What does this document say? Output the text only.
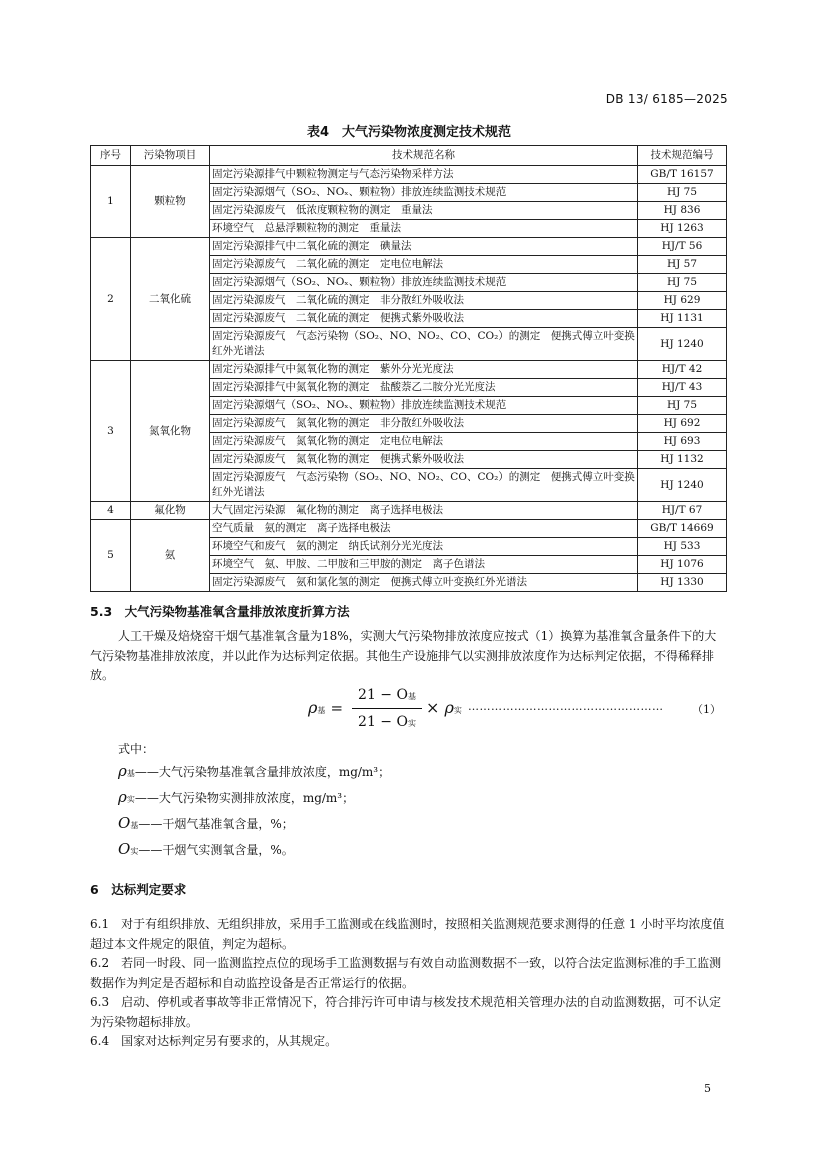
DB 13/ 6185—2025
表4　大气污染物浓度测定技术规范
序号	污染物项目	技术规范名称	技术规范编号
1	颗粒物	固定污染源排气中颗粒物测定与气态污染物采样方法	GB/T 16157
		固定污染源烟气（SO₂、NOₓ、颗粒物）排放连续监测技术规范	HJ 75
		固定污染源废气　低浓度颗粒物的测定　重量法	HJ 836
		环境空气　总悬浮颗粒物的测定　重量法	HJ 1263
2	二氧化硫	固定污染源排气中二氧化硫的测定　碘量法	HJ/T 56
		固定污染源废气　二氧化硫的测定　定电位电解法	HJ 57
		固定污染源烟气（SO₂、NOₓ、颗粒物）排放连续监测技术规范	HJ 75
		固定污染源废气　二氧化硫的测定　非分散红外吸收法	HJ 629
		固定污染源废气　二氧化硫的测定　便携式紫外吸收法	HJ 1131
		固定污染源废气　气态污染物（SO₂、NO、NO₂、CO、CO₂）的测定　便携式傅立叶变换红外光谱法	HJ 1240
3	氮氧化物	固定污染源排气中氮氧化物的测定　紫外分光光度法	HJ/T 42
		固定污染源排气中氮氧化物的测定　盐酸萘乙二胺分光光度法	HJ/T 43
		固定污染源烟气（SO₂、NOₓ、颗粒物）排放连续监测技术规范	HJ 75
		固定污染源废气　氮氧化物的测定　非分散红外吸收法	HJ 692
		固定污染源废气　氮氧化物的测定　定电位电解法	HJ 693
		固定污染源废气　氮氧化物的测定　便携式紫外吸收法	HJ 1132
		固定污染源废气　气态污染物（SO₂、NO、NO₂、CO、CO₂）的测定　便携式傅立叶变换红外光谱法	HJ 1240
4	氟化物	大气固定污染源　氟化物的测定　离子选择电极法	HJ/T 67
5	氨	空气质量　氨的测定　离子选择电极法	GB/T 14669
		环境空气和废气　氨的测定　纳氏试剂分光光度法	HJ 533
		环境空气　氨、甲胺、二甲胺和三甲胺的测定　离子色谱法	HJ 1076
		固定污染源废气　氨和氯化氢的测定　便携式傅立叶变换红外光谱法	HJ 1330
5.3　大气污染物基准氧含量排放浓度折算方法
人工干燥及焙烧窑干烟气基准氧含量为18%，实测大气污染物排放浓度应按式（1）换算为基准氧含量条件下的大气污染物基准排放浓度，并以此作为达标判定依据。其他生产设施排气以实测排放浓度作为达标判定依据，不得稀释排放。
ρ基 =
21 − O基
21 − O实
× ρ实 ……………………………………………	（1）
式中：
ρ基——大气污染物基准氧含量排放浓度，mg/m³；
ρ实——大气污染物实测排放浓度，mg/m³；
O基——干烟气基准氧含量，%；
O实——干烟气实测氧含量，%。
6　达标判定要求
6.1　对于有组织排放、无组织排放，采用手工监测或在线监测时，按照相关监测规范要求测得的任意 1 小时平均浓度值超过本文件规定的限值，判定为超标。
6.2　若同一时段、同一监测监控点位的现场手工监测数据与有效自动监测数据不一致，以符合法定监测标准的手工监测数据作为判定是否超标和自动监控设备是否正常运行的依据。
6.3　启动、停机或者事故等非正常情况下，符合排污许可申请与核发技术规范相关管理办法的自动监测数据，可不认定为污染物超标排放。
6.4　国家对达标判定另有要求的，从其规定。
5
